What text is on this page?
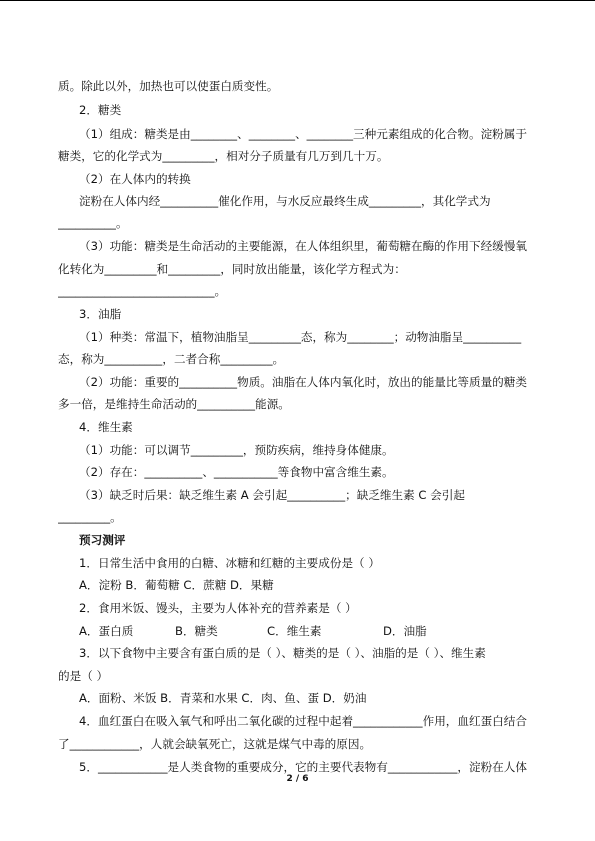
质。除此以外，加热也可以使蛋白质变性。
2．糖类
（1）组成：糖类是由________、________、________三种元素组成的化合物。淀粉属于
糖类，它的化学式为_________，相对分子质量有几万到几十万。
（2）在人体内的转换
淀粉在人体内经__________催化作用，与水反应最终生成_________，其化学式为
__________。
（3）功能：糖类是生命活动的主要能源，在人体组织里，葡萄糖在酶的作用下经缓慢氧
化转化为_________和_________，同时放出能量，该化学方程式为：
___________________________。
3．油脂
（1）种类：常温下，植物油脂呈_________态，称为________；动物油脂呈__________
态，称为__________，二者合称_________。
（2）功能：重要的__________物质。油脂在人体内氧化时，放出的能量比等质量的糖类
多一倍，是维持生命活动的__________能源。
4．维生素
（1）功能：可以调节_________，预防疾病，维持身体健康。
（2）存在：__________、___________等食物中富含维生素。
（3）缺乏时后果：缺乏维生素 A 会引起__________；缺乏维生素 C 会引起
_________。
预习测评
1．日常生活中食用的白糖、冰糖和红糖的主要成份是（ ）
A．淀粉 B．葡萄糖 C．蔗糖 D．果糖
2．食用米饭、馒头，主要为人体补充的营养素是（ ）
A．蛋白质	B．糖类	C．维生素	D．油脂
3．以下食物中主要含有蛋白质的是（ ）、糖类的是（ ）、油脂的是（ ）、维生素
的是（ ）
A．面粉、米饭 B．青菜和水果 C．肉、鱼、蛋 D．奶油
4．血红蛋白在吸入氧气和呼出二氧化碳的过程中起着____________作用，血红蛋白结合
了____________，人就会缺氧死亡，这就是煤气中毒的原因。
5．____________是人类食物的重要成分，它的主要代表物有____________，淀粉在人体
2 / 6
